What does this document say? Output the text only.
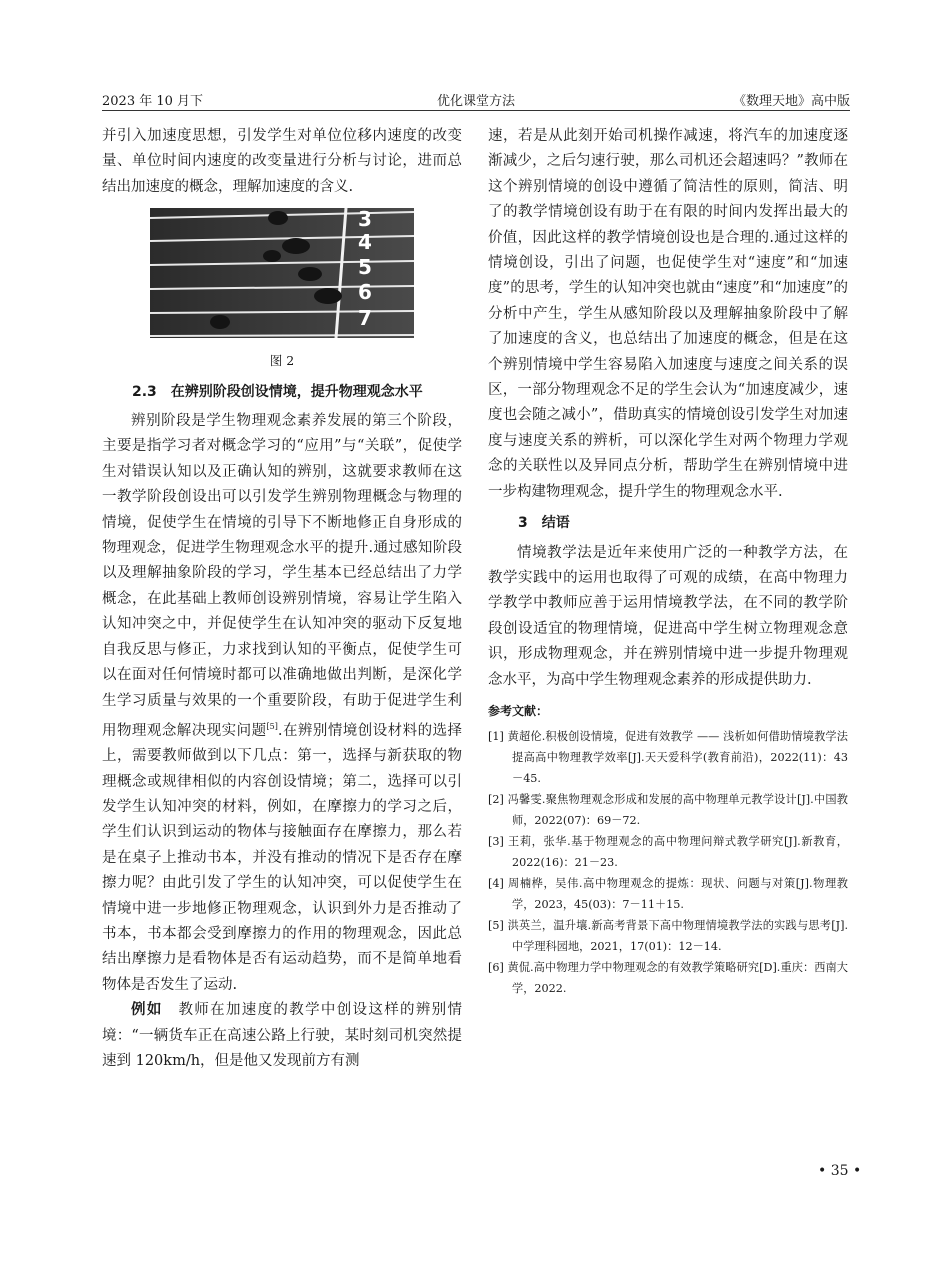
2023 年 10 月下	优化课堂方法	《数理天地》高中版

并引入加速度思想，引发学生对单位位移内速度的改变量、单位时间内速度的改变量进行分析与讨论，进而总结出加速度的概念，理解加速度的含义.

3
4
5
6
7

图 2

2.3　在辨别阶段创设情境，提升物理观念水平

辨别阶段是学生物理观念素养发展的第三个阶段，主要是指学习者对概念学习的“应用”与“关联”，促使学生对错误认知以及正确认知的辨别，这就要求教师在这一教学阶段创设出可以引发学生辨别物理概念与物理的情境，促使学生在情境的引导下不断地修正自身形成的物理观念，促进学生物理观念水平的提升.通过感知阶段以及理解抽象阶段的学习，学生基本已经总结出了力学概念，在此基础上教师创设辨别情境，容易让学生陷入认知冲突之中，并促使学生在认知冲突的驱动下反复地自我反思与修正，力求找到认知的平衡点，促使学生可以在面对任何情境时都可以准确地做出判断，是深化学生学习质量与效果的一个重要阶段，有助于促进学生利用物理观念解决现实问题[5].在辨别情境创设材料的选择上，需要教师做到以下几点：第一，选择与新获取的物理概念或规律相似的内容创设情境；第二，选择可以引发学生认知冲突的材料，例如，在摩擦力的学习之后，学生们认识到运动的物体与接触面存在摩擦力，那么若是在桌子上推动书本，并没有推动的情况下是否存在摩擦力呢？由此引发了学生的认知冲突，可以促使学生在情境中进一步地修正物理观念，认识到外力是否推动了书本，书本都会受到摩擦力的作用的物理观念，因此总结出摩擦力是看物体是否有运动趋势，而不是简单地看物体是否发生了运动.

例如　教师在加速度的教学中创设这样的辨别情境：“一辆货车正在高速公路上行驶，某时刻司机突然提速到 120km/h，但是他又发现前方有测

速，若是从此刻开始司机操作减速，将汽车的加速度逐渐减少，之后匀速行驶，那么司机还会超速吗？”教师在这个辨别情境的创设中遵循了简洁性的原则，简洁、明了的教学情境创设有助于在有限的时间内发挥出最大的价值，因此这样的教学情境创设也是合理的.通过这样的情境创设，引出了问题，也促使学生对“速度”和“加速度”的思考，学生的认知冲突也就由“速度”和“加速度”的分析中产生，学生从感知阶段以及理解抽象阶段中了解了加速度的含义，也总结出了加速度的概念，但是在这个辨别情境中学生容易陷入加速度与速度之间关系的误区，一部分物理观念不足的学生会认为“加速度减少，速度也会随之减小”，借助真实的情境创设引发学生对加速度与速度关系的辨析，可以深化学生对两个物理力学观念的关联性以及异同点分析，帮助学生在辨别情境中进一步构建物理观念，提升学生的物理观念水平.

3　结语

情境教学法是近年来使用广泛的一种教学方法，在教学实践中的运用也取得了可观的成绩，在高中物理力学教学中教师应善于运用情境教学法，在不同的教学阶段创设适宜的物理情境，促进高中学生树立物理观念意识，形成物理观念，并在辨别情境中进一步提升物理观念水平，为高中学生物理观念素养的形成提供助力.

参考文献：

[1] 黄超伦.积极创设情境，促进有效教学 —— 浅析如何借助情境教学法提高高中物理教学效率[J].天天爱科学(教育前沿)，2022(11)：43－45.

[2] 冯馨雯.聚焦物理观念形成和发展的高中物理单元教学设计[J].中国教师，2022(07)：69－72.

[3] 王莉，张华.基于物理观念的高中物理问辩式教学研究[J].新教育，2022(16)：21－23.

[4] 周楠桦，吴伟.高中物理观念的提炼：现状、问题与对策[J].物理教学，2023，45(03)：7－11＋15.

[5] 洪英兰，温升壤.新高考背景下高中物理情境教学法的实践与思考[J].中学理科园地，2021，17(01)：12－14.

[6] 黄侃.高中物理力学中物理观念的有效教学策略研究[D].重庆：西南大学，2022.

• 35 •
